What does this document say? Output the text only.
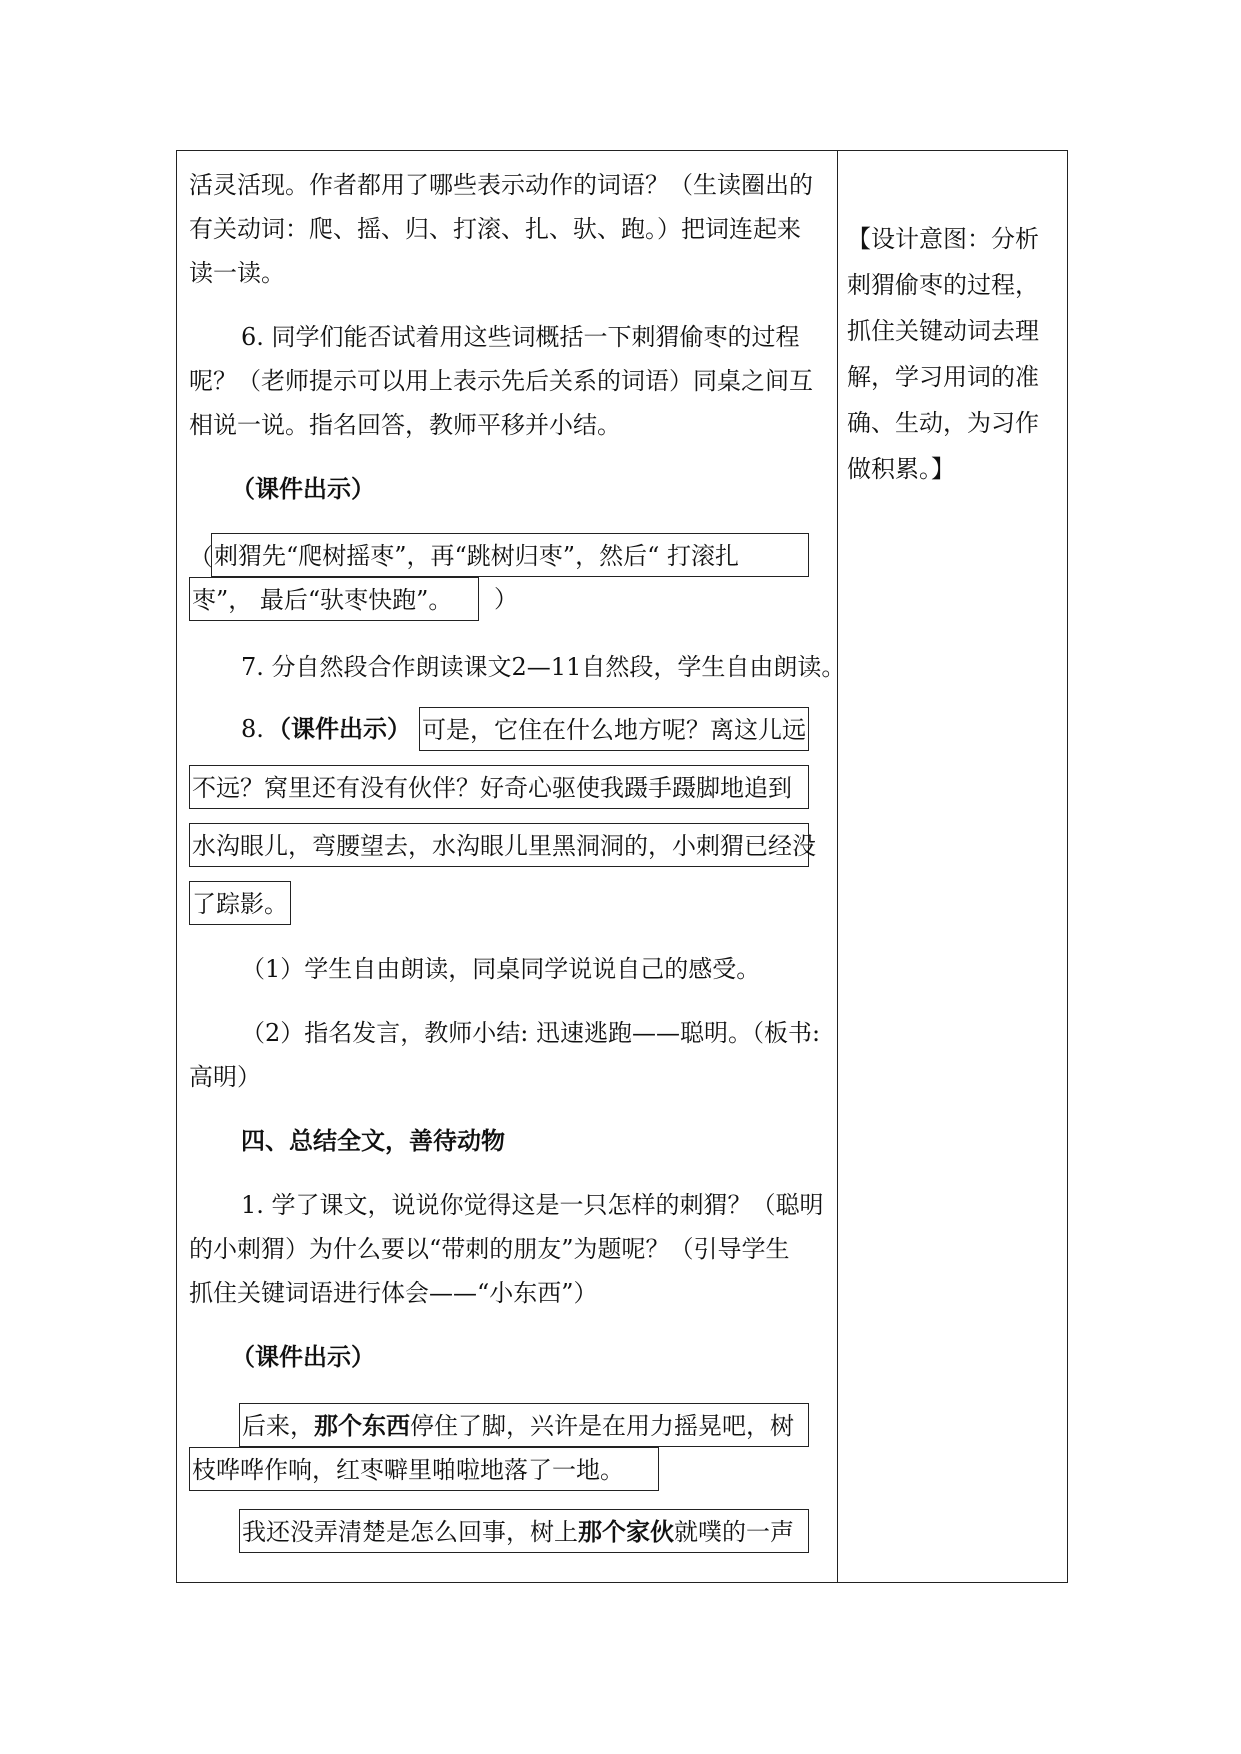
活灵活现。作者都用了哪些表示动作的词语？（生读圈出的
有关动词：爬、摇、归、打滚、扎、驮、跑。）把词连起来
读一读。
6. 同学们能否试着用这些词概括一下刺猬偷枣的过程
呢？（老师提示可以用上表示先后关系的词语）同桌之间互
相说一说。指名回答，教师平移并小结。
（课件出示）
（ 刺猬先“爬树摇枣”，再“跳树归枣”，然后“ 打滚扎
枣”， 最后“驮枣快跑”。 ）
7. 分自然段合作朗读课文2—11自然段，学生自由朗读。
8. （课件出示） 可是，它住在什么地方呢？离这儿远
不远？窝里还有没有伙伴？好奇心驱使我蹑手蹑脚地追到
水沟眼儿，弯腰望去，水沟眼儿里黑洞洞的，小刺猬已经没
了踪影。
（1）学生自由朗读，同桌同学说说自己的感受。
（2）指名发言，教师小结: 迅速逃跑——聪明。（板书:
高明）
四、总结全文，善待动物
1. 学了课文，说说你觉得这是一只怎样的刺猬？（聪明
的小刺猬）为什么要以“带刺的朋友”为题呢？（引导学生
抓住关键词语进行体会——“小东西”）
（课件出示）
后来，那个东西停住了脚，兴许是在用力摇晃吧，树
枝哗哗作响，红枣噼里啪啦地落了一地。
我还没弄清楚是怎么回事，树上那个家伙就噗的一声
【设计意图：分析
刺猬偷枣的过程，
抓住关键动词去理
解，学习用词的准
确、生动，为习作
做积累。】
